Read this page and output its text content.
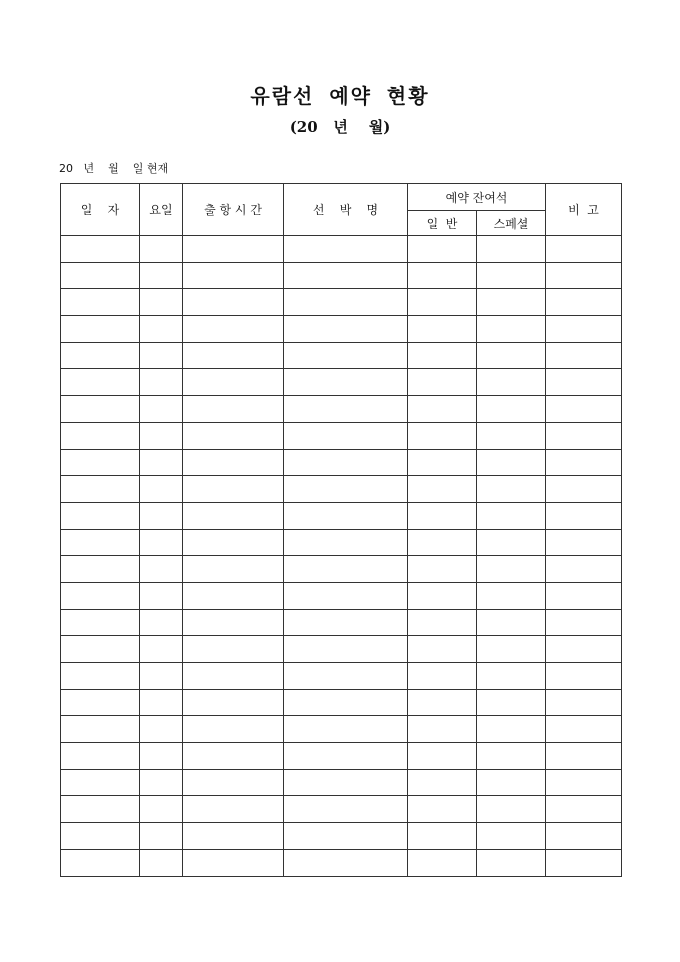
유람선 예약 현황
(20   년    월)
20   년    월    일 현재
일    자	요일	출 항 시 간	선    박    명	예약 잔여석		비  고
				일  반	스페셜	
